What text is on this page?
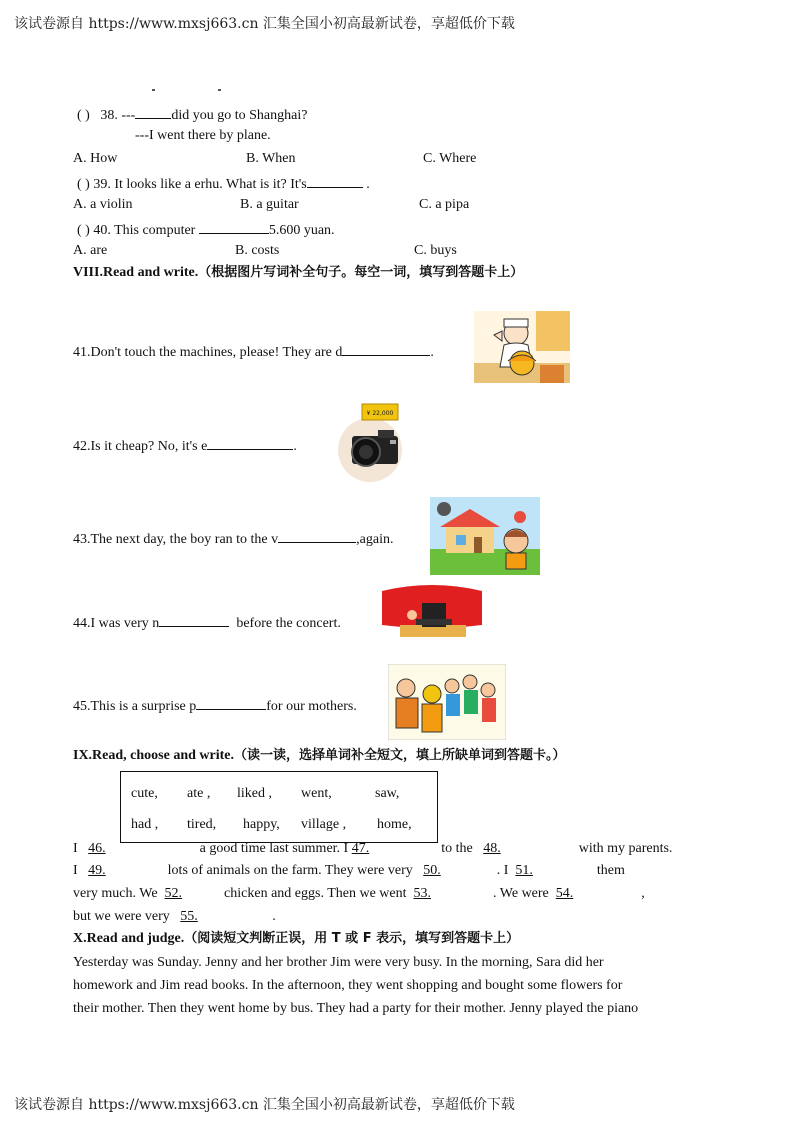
该试卷源自 https://www.mxsj663.cn 汇集全国小初高最新试卷，享超低价下载
( ) 38. ---	did you go to Shanghai?
---I went there by plane.
A. How	B. When	C. Where
( ) 39. It looks like a erhu. What is it? It's	.
A. a violin	B. a guitar	C. a pipa
( ) 40. This computer	5.600 yuan.
A. are	B. costs	C. buys
VIII.Read and write.（根据图片写词补全句子。每空一词，填写到答题卡上）
41.Don't touch the machines, please! They are d	.
42.Is it cheap? No, it's e	.
¥ 22,000
43.The next day, the boy ran to the v	,again.
44.I was very n	before the concert.
45.This is a surprise p	for our mothers.
IX.Read, choose and write.（读一读，选择单词补全短文，填上所缺单词到答题卡。）
cute, ate , liked , went,	saw,
had , tired, happy, village , home,
I 46.	a good time last summer. I 47.	to the 48.	with my parents.
I 49.	lots of animals on the farm. They were very 50.	. I 51.	them
very much. We 52.	chicken and eggs. Then we went 53.	. We were 54.	,
but we were very 55.	.
X.Read and judge.（阅读短文判断正误，用 T 或 F 表示，填写到答题卡上）
Yesterday was Sunday. Jenny and her brother Jim were very busy. In the morning, Sara did her
homework and Jim read books. In the afternoon, they went shopping and bought some flowers for
their mother. Then they went home by bus. They had a party for their mother. Jenny played the piano
该试卷源自 https://www.mxsj663.cn 汇集全国小初高最新试卷，享超低价下载
